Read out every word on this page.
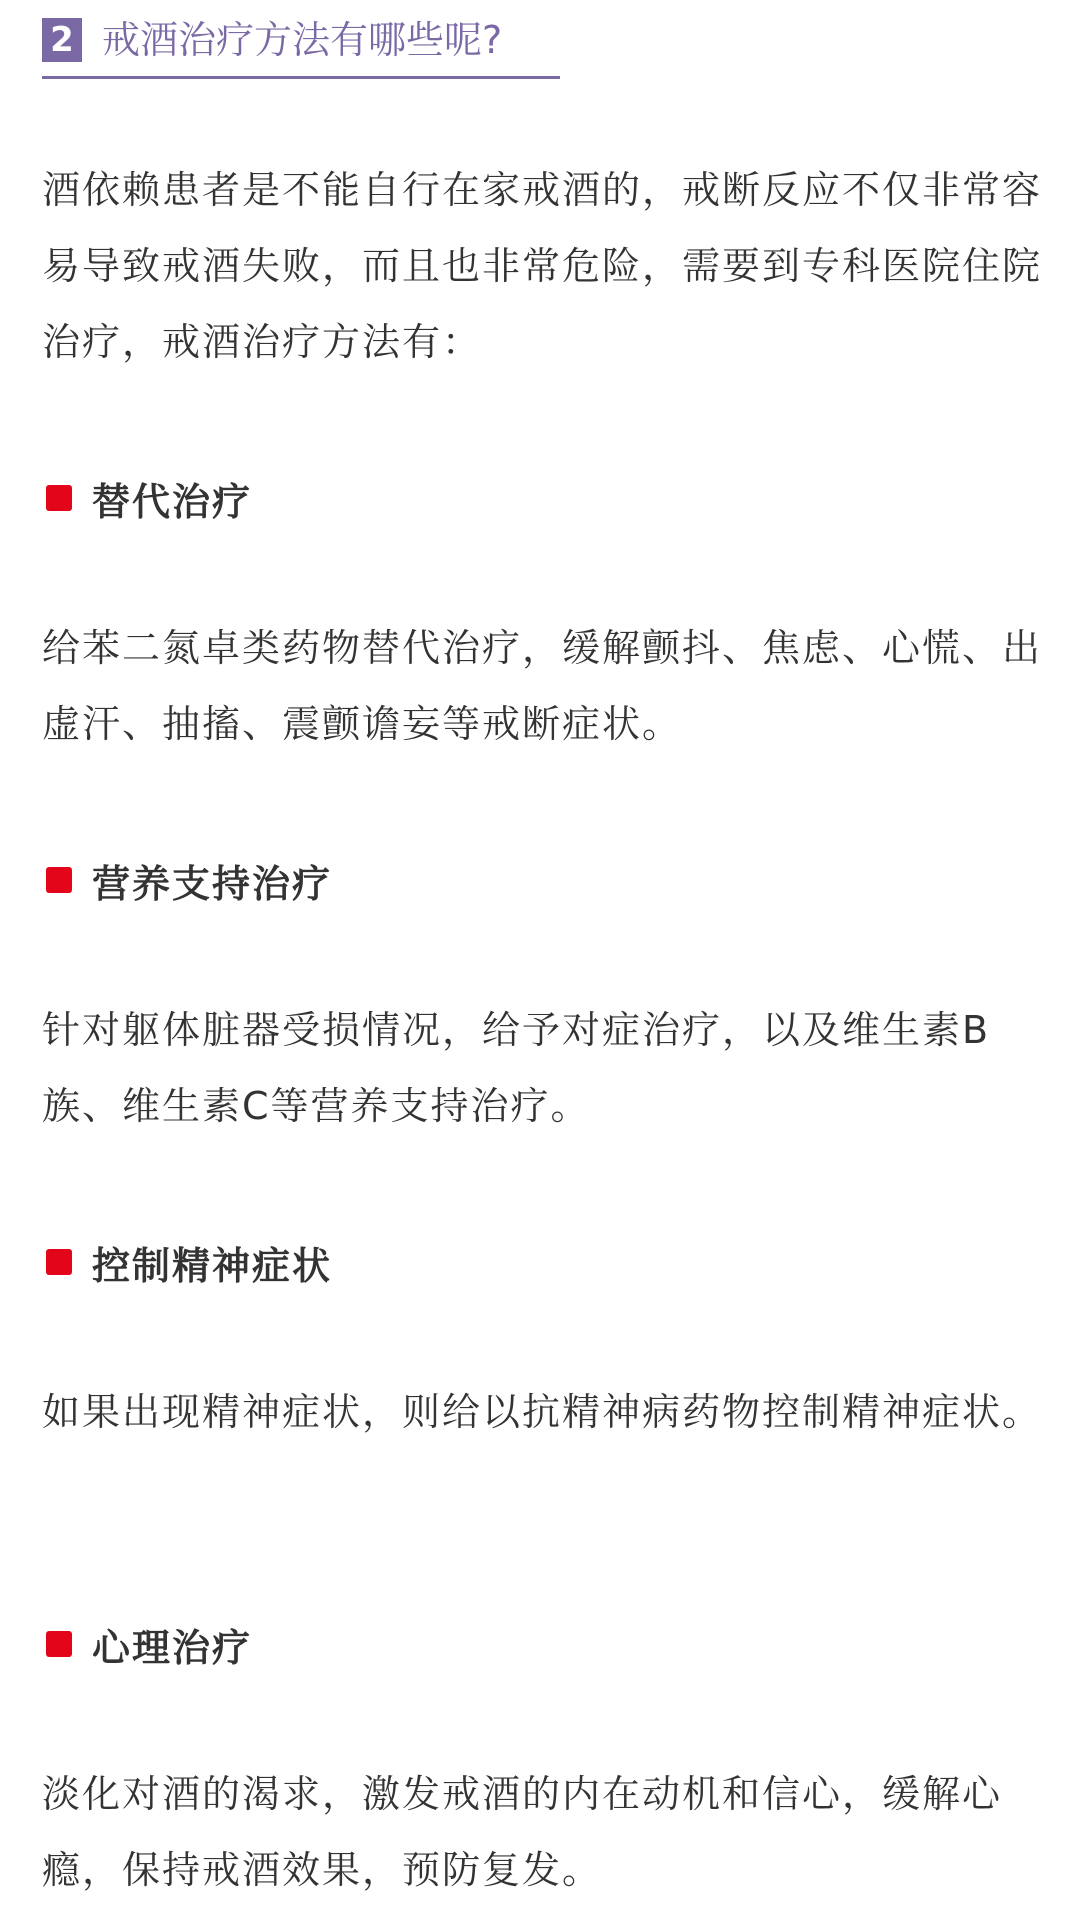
2 戒酒治疗方法有哪些呢?

酒依赖患者是不能自行在家戒酒的，戒断反应不仅非常容易导致戒酒失败，而且也非常危险，需要到专科医院住院治疗，戒酒治疗方法有：

替代治疗

给苯二氮卓类药物替代治疗，缓解颤抖、焦虑、心慌、出虚汗、抽搐、震颤谵妄等戒断症状。

营养支持治疗

针对躯体脏器受损情况，给予对症治疗，以及维生素B族、维生素C等营养支持治疗。

控制精神症状

如果出现精神症状，则给以抗精神病药物控制精神症状。

心理治疗

淡化对酒的渴求，激发戒酒的内在动机和信心，缓解心瘾，保持戒酒效果，预防复发。
